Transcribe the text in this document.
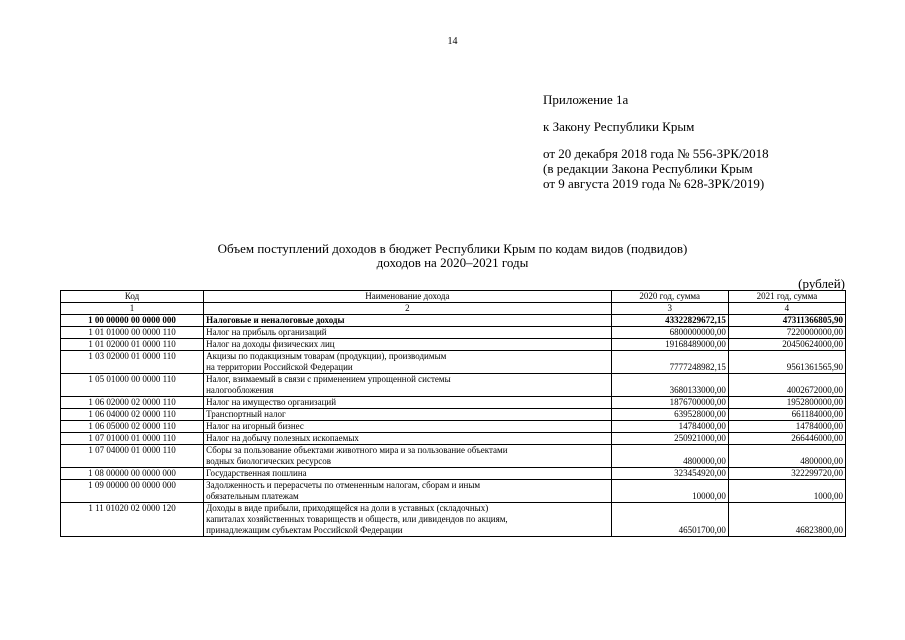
14
Приложение 1а
к Закону Республики Крым
от 20 декабря 2018 года № 556-ЗРК/2018
(в редакции Закона Республики Крым
от 9 августа 2019 года № 628-ЗРК/2019)
Объем поступлений доходов в бюджет Республики Крым по кодам видов (подвидов)
доходов на 2020–2021 годы
(рублей)
Код	Наименование дохода	2020 год, сумма	2021 год, сумма
1	2	3	4
1 00 00000 00 0000 000	Налоговые и неналоговые доходы	43322829672,15	47311366805,90
1 01 01000 00 0000 110	Налог на прибыль организаций	6800000000,00	7220000000,00
1 01 02000 01 0000 110	Налог на доходы физических лиц	19168489000,00	20450624000,00
1 03 02000 01 0000 110	Акцизы по подакцизным товарам (продукции), производимым
на территории Российской Федерации	7777248982,15	9561361565,90
1 05 01000 00 0000 110	Налог, взимаемый в связи с применением упрощенной системы
налогообложения	3680133000,00	4002672000,00
1 06 02000 02 0000 110	Налог на имущество организаций	1876700000,00	1952800000,00
1 06 04000 02 0000 110	Транспортный налог	639528000,00	661184000,00
1 06 05000 02 0000 110	Налог на игорный бизнес	14784000,00	14784000,00
1 07 01000 01 0000 110	Налог на добычу полезных ископаемых	250921000,00	266446000,00
1 07 04000 01 0000 110	Сборы за пользование объектами животного мира и за пользование объектами
водных биологических ресурсов	4800000,00	4800000,00
1 08 00000 00 0000 000	Государственная пошлина	323454920,00	322299720,00
1 09 00000 00 0000 000	Задолженность и перерасчеты по отмененным налогам, сборам и иным
обязательным платежам	10000,00	1000,00
1 11 01020 02 0000 120	Доходы в виде прибыли, приходящейся на доли в уставных (складочных)
капиталах хозяйственных товариществ и обществ, или дивидендов по акциям,
принадлежащим субъектам Российской Федерации	46501700,00	46823800,00
